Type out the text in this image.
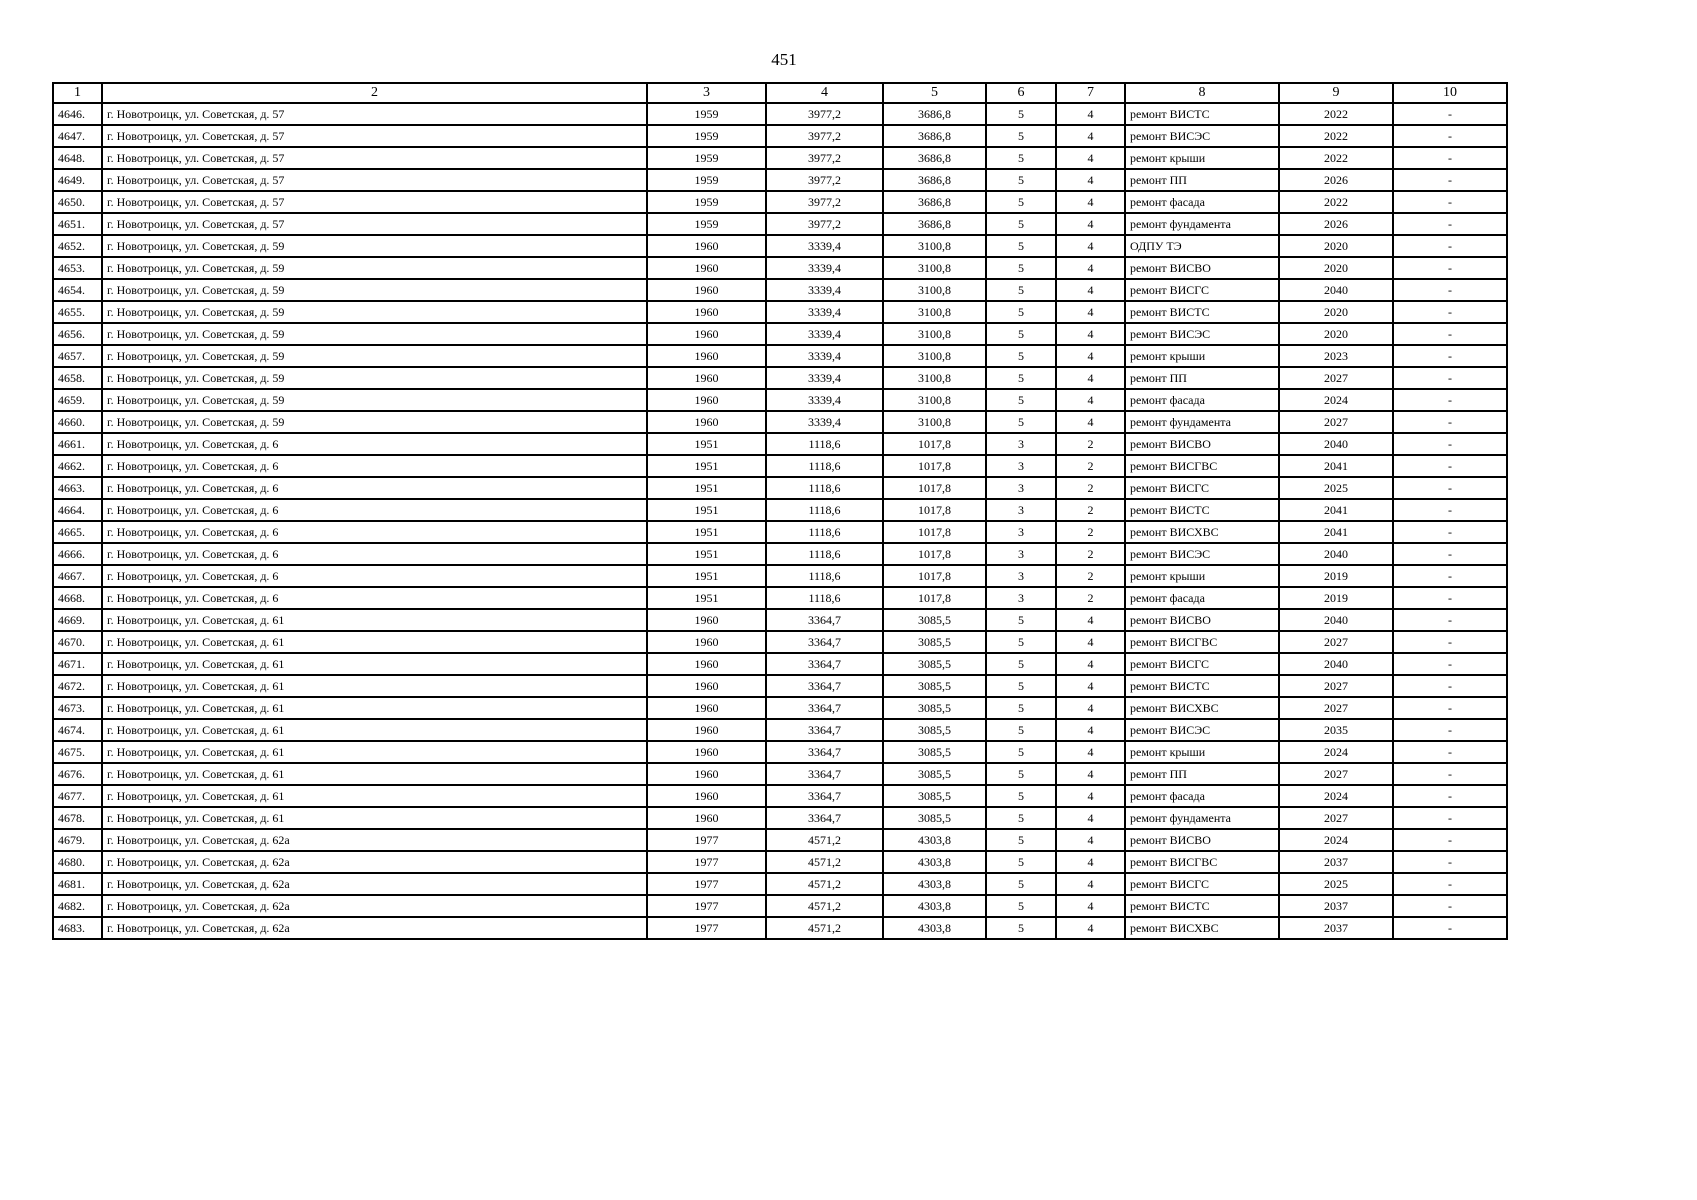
451
1	2	3	4	5	6	7	8	9	10
4646.	г. Новотроицк, ул. Советская, д. 57	1959	3977,2	3686,8	5	4	ремонт ВИСТС	2022	-
4647.	г. Новотроицк, ул. Советская, д. 57	1959	3977,2	3686,8	5	4	ремонт ВИСЭС	2022	-
4648.	г. Новотроицк, ул. Советская, д. 57	1959	3977,2	3686,8	5	4	ремонт крыши	2022	-
4649.	г. Новотроицк, ул. Советская, д. 57	1959	3977,2	3686,8	5	4	ремонт ПП	2026	-
4650.	г. Новотроицк, ул. Советская, д. 57	1959	3977,2	3686,8	5	4	ремонт фасада	2022	-
4651.	г. Новотроицк, ул. Советская, д. 57	1959	3977,2	3686,8	5	4	ремонт фундамента	2026	-
4652.	г. Новотроицк, ул. Советская, д. 59	1960	3339,4	3100,8	5	4	ОДПУ ТЭ	2020	-
4653.	г. Новотроицк, ул. Советская, д. 59	1960	3339,4	3100,8	5	4	ремонт ВИСВО	2020	-
4654.	г. Новотроицк, ул. Советская, д. 59	1960	3339,4	3100,8	5	4	ремонт ВИСГС	2040	-
4655.	г. Новотроицк, ул. Советская, д. 59	1960	3339,4	3100,8	5	4	ремонт ВИСТС	2020	-
4656.	г. Новотроицк, ул. Советская, д. 59	1960	3339,4	3100,8	5	4	ремонт ВИСЭС	2020	-
4657.	г. Новотроицк, ул. Советская, д. 59	1960	3339,4	3100,8	5	4	ремонт крыши	2023	-
4658.	г. Новотроицк, ул. Советская, д. 59	1960	3339,4	3100,8	5	4	ремонт ПП	2027	-
4659.	г. Новотроицк, ул. Советская, д. 59	1960	3339,4	3100,8	5	4	ремонт фасада	2024	-
4660.	г. Новотроицк, ул. Советская, д. 59	1960	3339,4	3100,8	5	4	ремонт фундамента	2027	-
4661.	г. Новотроицк, ул. Советская, д. 6	1951	1118,6	1017,8	3	2	ремонт ВИСВО	2040	-
4662.	г. Новотроицк, ул. Советская, д. 6	1951	1118,6	1017,8	3	2	ремонт ВИСГВС	2041	-
4663.	г. Новотроицк, ул. Советская, д. 6	1951	1118,6	1017,8	3	2	ремонт ВИСГС	2025	-
4664.	г. Новотроицк, ул. Советская, д. 6	1951	1118,6	1017,8	3	2	ремонт ВИСТС	2041	-
4665.	г. Новотроицк, ул. Советская, д. 6	1951	1118,6	1017,8	3	2	ремонт ВИСХВС	2041	-
4666.	г. Новотроицк, ул. Советская, д. 6	1951	1118,6	1017,8	3	2	ремонт ВИСЭС	2040	-
4667.	г. Новотроицк, ул. Советская, д. 6	1951	1118,6	1017,8	3	2	ремонт крыши	2019	-
4668.	г. Новотроицк, ул. Советская, д. 6	1951	1118,6	1017,8	3	2	ремонт фасада	2019	-
4669.	г. Новотроицк, ул. Советская, д. 61	1960	3364,7	3085,5	5	4	ремонт ВИСВО	2040	-
4670.	г. Новотроицк, ул. Советская, д. 61	1960	3364,7	3085,5	5	4	ремонт ВИСГВС	2027	-
4671.	г. Новотроицк, ул. Советская, д. 61	1960	3364,7	3085,5	5	4	ремонт ВИСГС	2040	-
4672.	г. Новотроицк, ул. Советская, д. 61	1960	3364,7	3085,5	5	4	ремонт ВИСТС	2027	-
4673.	г. Новотроицк, ул. Советская, д. 61	1960	3364,7	3085,5	5	4	ремонт ВИСХВС	2027	-
4674.	г. Новотроицк, ул. Советская, д. 61	1960	3364,7	3085,5	5	4	ремонт ВИСЭС	2035	-
4675.	г. Новотроицк, ул. Советская, д. 61	1960	3364,7	3085,5	5	4	ремонт крыши	2024	-
4676.	г. Новотроицк, ул. Советская, д. 61	1960	3364,7	3085,5	5	4	ремонт ПП	2027	-
4677.	г. Новотроицк, ул. Советская, д. 61	1960	3364,7	3085,5	5	4	ремонт фасада	2024	-
4678.	г. Новотроицк, ул. Советская, д. 61	1960	3364,7	3085,5	5	4	ремонт фундамента	2027	-
4679.	г. Новотроицк, ул. Советская, д. 62а	1977	4571,2	4303,8	5	4	ремонт ВИСВО	2024	-
4680.	г. Новотроицк, ул. Советская, д. 62а	1977	4571,2	4303,8	5	4	ремонт ВИСГВС	2037	-
4681.	г. Новотроицк, ул. Советская, д. 62а	1977	4571,2	4303,8	5	4	ремонт ВИСГС	2025	-
4682.	г. Новотроицк, ул. Советская, д. 62а	1977	4571,2	4303,8	5	4	ремонт ВИСТС	2037	-
4683.	г. Новотроицк, ул. Советская, д. 62а	1977	4571,2	4303,8	5	4	ремонт ВИСХВС	2037	-
